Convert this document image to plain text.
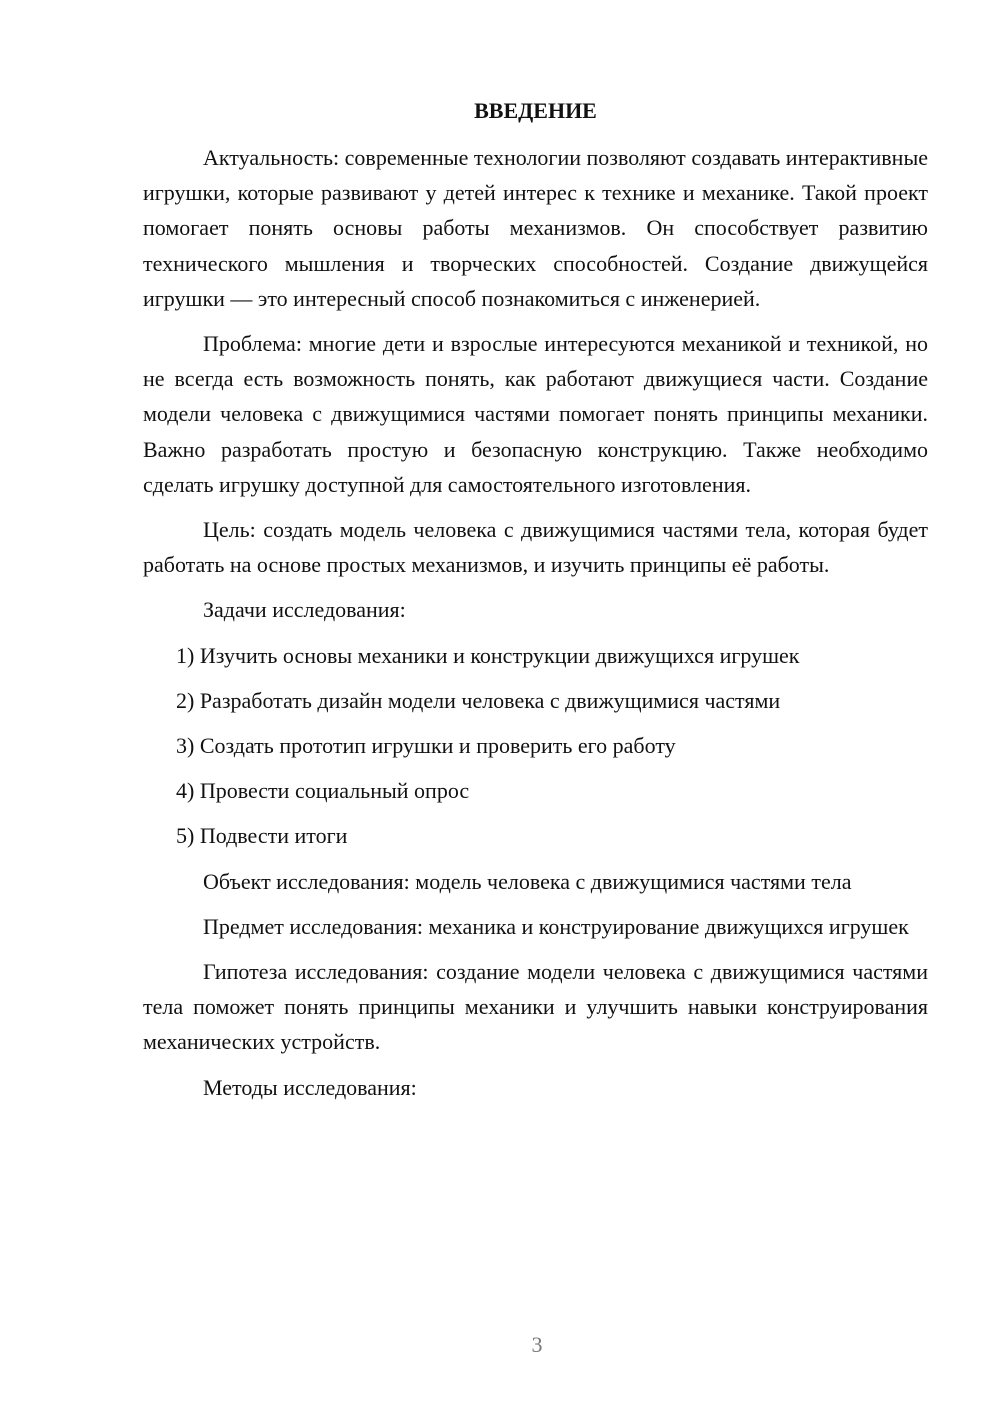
ВВЕДЕНИЕ

Актуальность: современные технологии позволяют создавать интерактивные игрушки, которые развивают у детей интерес к технике и механике. Такой проект помогает понять основы работы механизмов. Он способствует развитию технического мышления и творческих способностей. Создание движущейся игрушки — это интересный способ познакомиться с инженерией.

Проблема: многие дети и взрослые интересуются механикой и техникой, но не всегда есть возможность понять, как работают движущиеся части. Создание модели человека с движущимися частями помогает понять принципы механики. Важно разработать простую и безопасную конструкцию. Также необходимо сделать игрушку доступной для самостоятельного изготовления.

Цель: создать модель человека с движущимися частями тела, которая будет работать на основе простых механизмов, и изучить принципы её работы.

Задачи исследования:

1) Изучить основы механики и конструкции движущихся игрушек
2) Разработать дизайн модели человека с движущимися частями
3) Создать прототип игрушки и проверить его работу
4) Провести социальный опрос
5) Подвести итоги

Объект исследования: модель человека с движущимися частями тела

Предмет исследования: механика и конструирование движущихся игрушек

Гипотеза исследования: создание модели человека с движущимися частями тела поможет понять принципы механики и улучшить навыки конструирования механических устройств.

Методы исследования:

3
